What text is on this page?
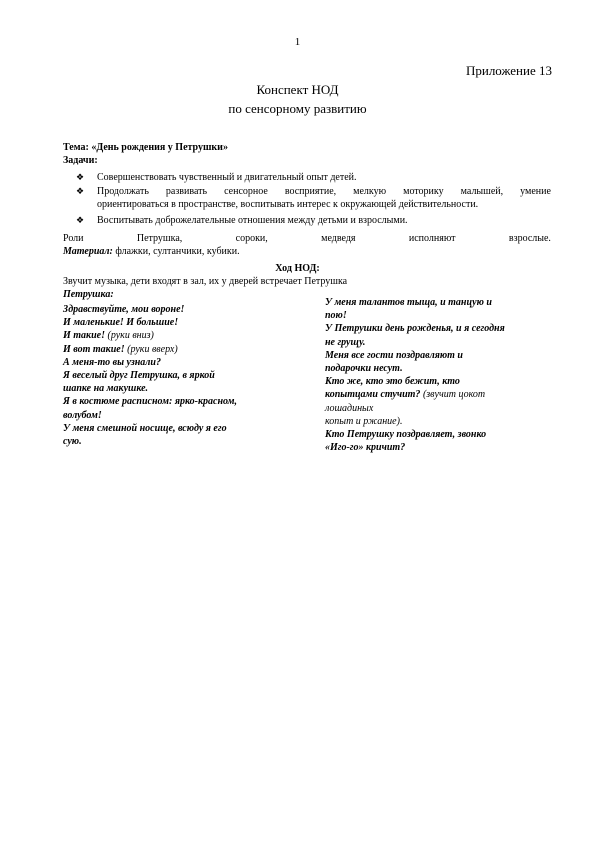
1
Приложение 13
Конспект НОД
по сенсорному развитию
Тема: «День рождения у Петрушки»
Задачи:
❖ Совершенствовать чувственный и двигательный опыт детей.
❖ Продолжать развивать сенсорное восприятие, мелкую моторику малышей, умение
ориентироваться в пространстве, воспитывать интерес к окружающей действительности.
❖ Воспитывать доброжелательные отношения между детьми и взрослыми.
Роли	Петрушка,	сороки,	медведя	исполняют	взрослые.
Материал: флажки, султанчики, кубики.
Ход НОД:
Звучит музыка, дети входят в зал, их у дверей встречает Петрушка
Петрушка:
Здравствуйте, мои вороне!
И маленькие! И большие!
И такие! (руки вниз)
И вот такие! (руки вверх)
А меня-то вы узнали?
Я веселый друг Петрушка, в яркой
шапке на макушке.
Я в костюме расписном: ярко-красном,
волубом!
У меня смешной носище, всюду я его
сую.
У меня талантов тыща, и танцую и
пою!
У Петрушки день рожденья, и я сегодня
не грущу.
Меня все гости поздравляют и
подарочки несут.
Кто же, кто это бежит, кто
копытцами стучит? (звучит цокот
лошадиных
копыт и ржание).
Кто Петрушку поздравляет, звонко
«Иго-го» кричит?
